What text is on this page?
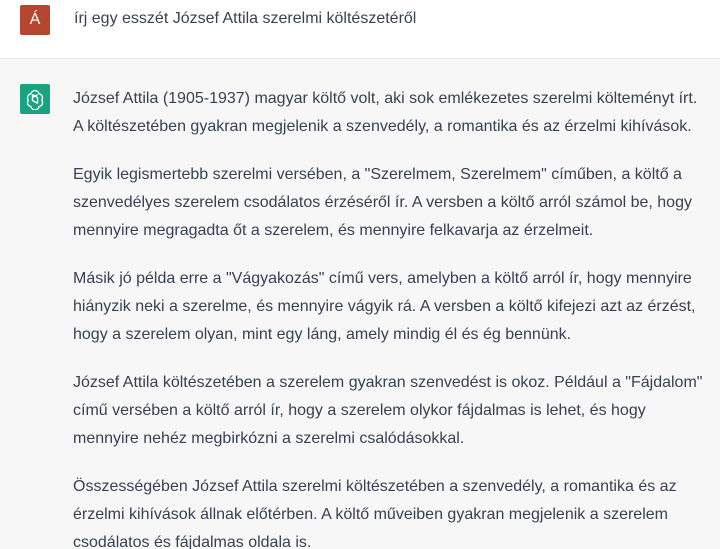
Á	írj egy esszét József Attila szerelmi költészetéről

József Attila (1905-1937) magyar költő volt, aki sok emlékezetes szerelmi költeményt írt. A költészetében gyakran megjelenik a szenvedély, a romantika és az érzelmi kihívások.

Egyik legismertebb szerelmi versében, a "Szerelmem, Szerelmem" címűben, a költő a szenvedélyes szerelem csodálatos érzéséről ír. A versben a költő arról számol be, hogy mennyire megragadta őt a szerelem, és mennyire felkavarja az érzelmeit.

Másik jó példa erre a "Vágyakozás" című vers, amelyben a költő arról ír, hogy mennyire hiányzik neki a szerelme, és mennyire vágyik rá. A versben a költő kifejezi azt az érzést, hogy a szerelem olyan, mint egy láng, amely mindig él és ég bennünk.

József Attila költészetében a szerelem gyakran szenvedést is okoz. Például a "Fájdalom" című versében a költő arról ír, hogy a szerelem olykor fájdalmas is lehet, és hogy mennyire nehéz megbirkózni a szerelmi csalódásokkal.

Összességében József Attila szerelmi költészetében a szenvedély, a romantika és az érzelmi kihívások állnak előtérben. A költő műveiben gyakran megjelenik a szerelem csodálatos és fájdalmas oldala is.
